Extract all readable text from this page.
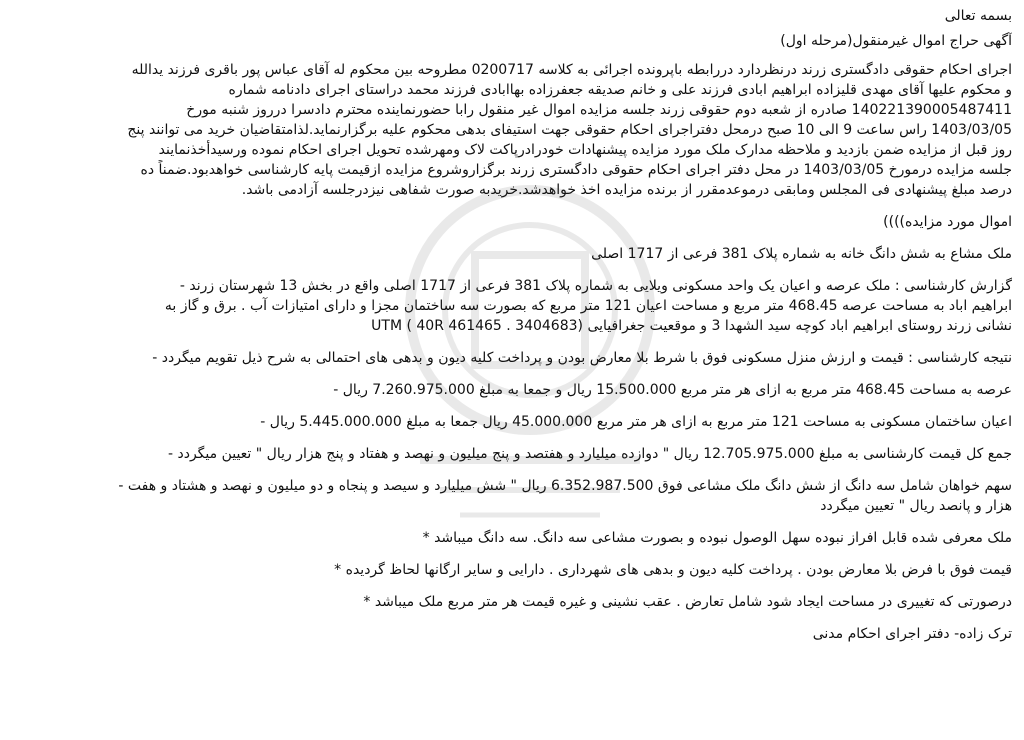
بسمه تعالی

آگهی حراج اموال غیرمنقول(مرحله اول)

اجرای احکام حقوقی دادگستری زرند درنظردارد دررابطه باپرونده اجرائی به کلاسه 0200717 مطروحه بین محکوم له آقای عباس پور باقری فرزند یدالله

و محکوم علیها آقای مهدی قلیزاده ابراهیم ابادی فرزند علی و خانم صدیقه جعفرزاده بهاابادی فرزند محمد دراستای اجرای دادنامه شماره

140221390005487411 صادره از شعبه دوم حقوقی زرند جلسه مزایده اموال غیر منقول رابا حضورنماینده محترم دادسرا درروز شنبه مورخ

1403/03/05 راس ساعت 9 الی 10 صبح درمحل دفتراجرای احکام حقوقی جهت استیفای بدهی محکوم علیه برگزارنماید.لذامتقاضیان خرید می توانند پنج

روز قبل از مزایده ضمن بازدید و ملاحظه مدارک ملک مورد مزایده پیشنهادات خودرادرپاکت لاک ومهرشده تحویل اجرای احکام نموده ورسیدأخذنمایند

جلسه مزایده درمورخ 1403/03/05 در محل دفتر اجرای احکام حقوقی دادگستری زرند برگزاروشروع مزایده ازقیمت پایه کارشناسی خواهدبود.ضمناً ده

درصد مبلغ پیشنهادی فی المجلس ومابقی درموعدمقرر از برنده مزایده اخذ خواهدشد.خریدبه صورت شفاهی نیزدرجلسه آزادمی باشد.

اموال مورد مزایده))))

ملک مشاع به شش دانگ خانه به شماره پلاک 381 فرعی از 1717 اصلی

گزارش کارشناسی : ملک عرصه و اعیان یک واحد مسکونی ویلایی به شماره پلاک 381 فرعی از 1717 اصلی واقع در بخش 13 شهرستان زرند -

ابراهیم اباد به مساحت عرصه 468.45 متر مربع و مساحت اعیان 121 متر مربع که بصورت سه ساختمان مجزا و دارای امتیازات آب . برق و گاز به

نشانی زرند روستای ابراهیم اباد کوچه سید الشهدا 3 و موقعیت جغرافیایی UTM ( 40R 461465 . 3404683)

نتیجه کارشناسی : قیمت و ارزش منزل مسکونی فوق با شرط بلا معارض بودن و پرداخت کلیه دیون و بدهی های احتمالی به شرح ذیل تقویم میگردد -

عرصه به مساحت 468.45 متر مربع به ازای هر متر مربع 15.500.000 ریال و جمعا به مبلغ 7.260.975.000 ریال -

اعیان ساختمان مسکونی به مساحت 121 متر مربع به ازای هر متر مربع 45.000.000 ریال جمعا به مبلغ 5.445.000.000 ریال -

جمع کل قیمت کارشناسی به مبلغ 12.705.975.000 ریال " دوازده میلیارد و هفتصد و پنج میلیون و نهصد و هفتاد و پنج هزار ریال " تعیین میگردد -

سهم خواهان شامل سه دانگ از شش دانگ ملک مشاعی فوق 6.352.987.500 ریال " شش میلیارد و سیصد و پنجاه و دو میلیون و نهصد و هشتاد و هفت -

هزار و پانصد ریال " تعیین میگردد

ملک معرفی شده قابل افراز نبوده سهل الوصول نبوده و بصورت مشاعی سه دانگ. سه دانگ میباشد *

قیمت فوق با فرض بلا معارض بودن . پرداخت کلیه دیون و بدهی های شهرداری . دارایی و سایر ارگانها لحاظ گردیده *

درصورتی که تغییری در مساحت ایجاد شود شامل تعارض . عقب نشینی و غیره قیمت هر متر مربع ملک میباشد *

ترک زاده- دفتر اجرای احکام مدنی
